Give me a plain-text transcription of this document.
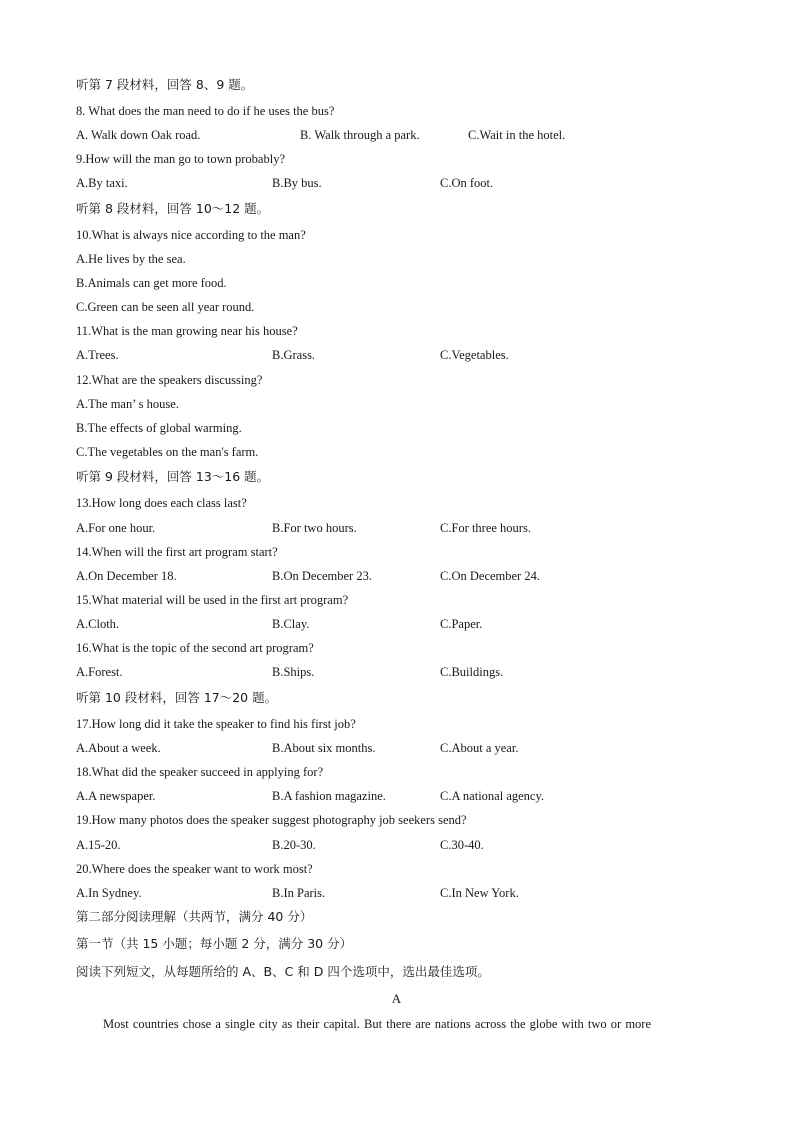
听第 7 段材料，回答 8、9 题。
8. What does the man need to do if he uses the bus?
A. Walk down Oak road.	B. Walk through a park.	C.Wait in the hotel.
9.How will the man go to town probably?
A.By taxi.	B.By bus.	C.On foot.
听第 8 段材料，回答 10～12 题。
10.What is always nice according to the man?
A.He lives by the sea.
B.Animals can get more food.
C.Green can be seen all year round.
11.What is the man growing near his house?
A.Trees.	B.Grass.	C.Vegetables.
12.What are the speakers discussing?
A.The man’ s house.
B.The effects of global warming.
C.The vegetables on the man's farm.
听第 9 段材料，回答 13～16 题。
13.How long does each class last?
A.For one hour.	B.For two hours.	C.For three hours.
14.When will the first art program start?
A.On December 18.	B.On December 23.	C.On December 24.
15.What material will be used in the first art program?
A.Cloth.	B.Clay.	C.Paper.
16.What is the topic of the second art program?
A.Forest.	B.Ships.	C.Buildings.
听第 10 段材料，回答 17～20 题。
17.How long did it take the speaker to find his first job?
A.About a week.	B.About six months.	C.About a year.
18.What did the speaker succeed in applying for?
A.A newspaper.	B.A fashion magazine.	C.A national agency.
19.How many photos does the speaker suggest photography job seekers send?
A.15-20.	B.20-30.	C.30-40.
20.Where does the speaker want to work most?
A.In Sydney.	B.In Paris.	C.In New York.
第二部分阅读理解（共两节，满分 40 分）
第一节（共 15 小题；每小题 2 分，满分 30 分）
阅读下列短文，从每题所给的 A、B、C 和 D 四个选项中，选出最佳选项。
A
Most countries chose a single city as their capital. But there are nations across the globe with two or more
